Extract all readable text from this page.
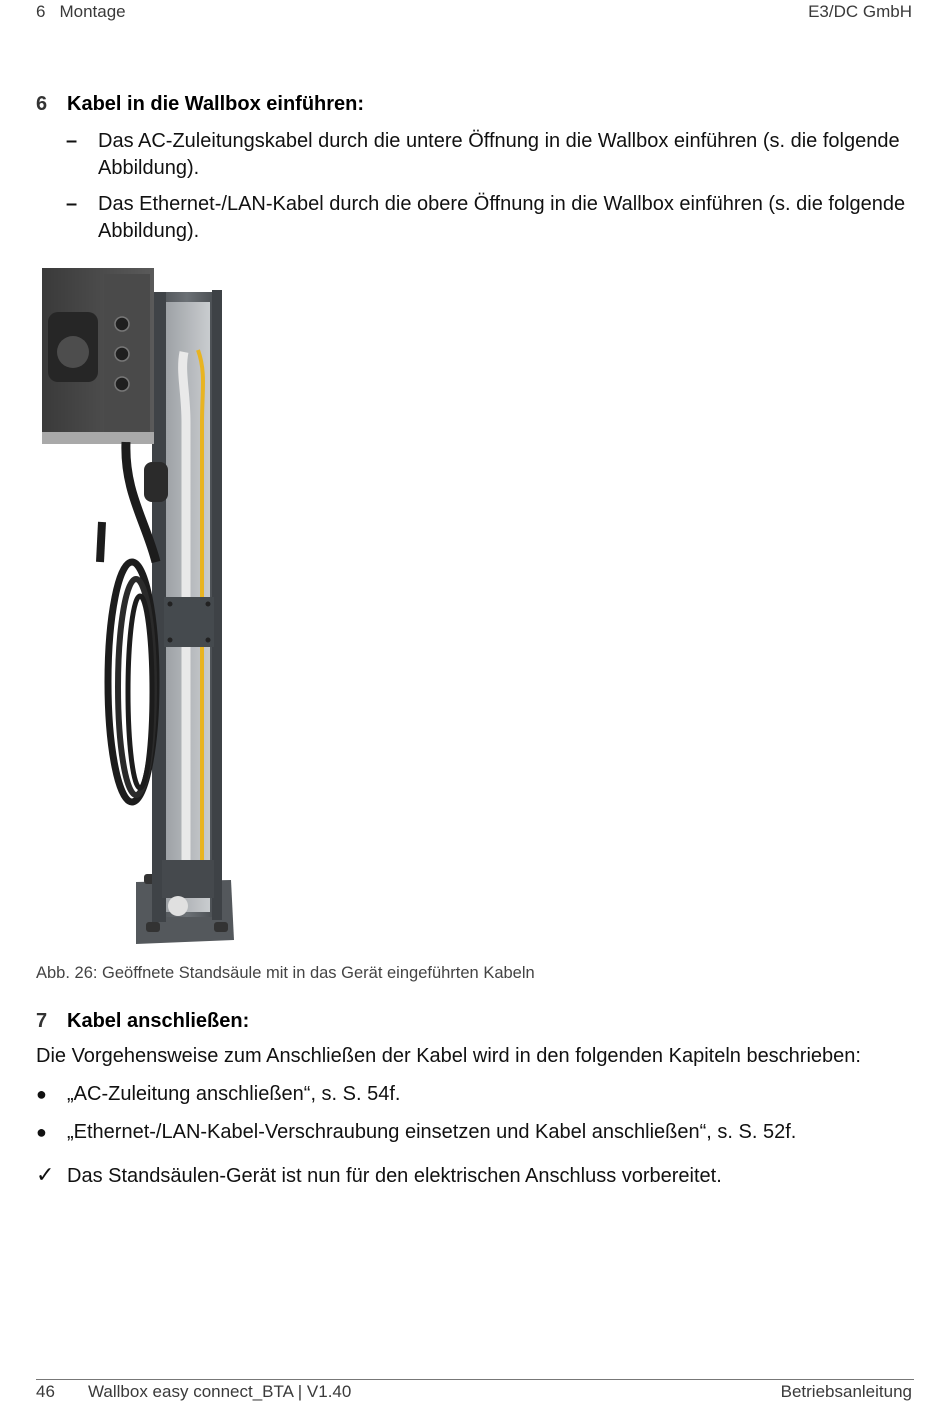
6 Montage	E3/DC GmbH
6 Kabel in die Wallbox einführen:
– Das AC-Zuleitungskabel durch die untere Öffnung in die Wallbox einführen (s. die folgende Abbildung).
– Das Ethernet-/LAN-Kabel durch die obere Öffnung in die Wallbox einführen (s. die folgende Abbildung).
Abb. 26: Geöffnete Standsäule mit in das Gerät eingeführten Kabeln
7 Kabel anschließen:
Die Vorgehensweise zum Anschließen der Kabel wird in den folgenden Kapiteln beschrieben:
● „AC-Zuleitung anschließen“, s. S. 54f.
● „Ethernet-/LAN-Kabel-Verschraubung einsetzen und Kabel anschließen“, s. S. 52f.
✓ Das Standsäulen-Gerät ist nun für den elektrischen Anschluss vorbereitet.
46 Wallbox easy connect_BTA | V1.40	Betriebsanleitung
